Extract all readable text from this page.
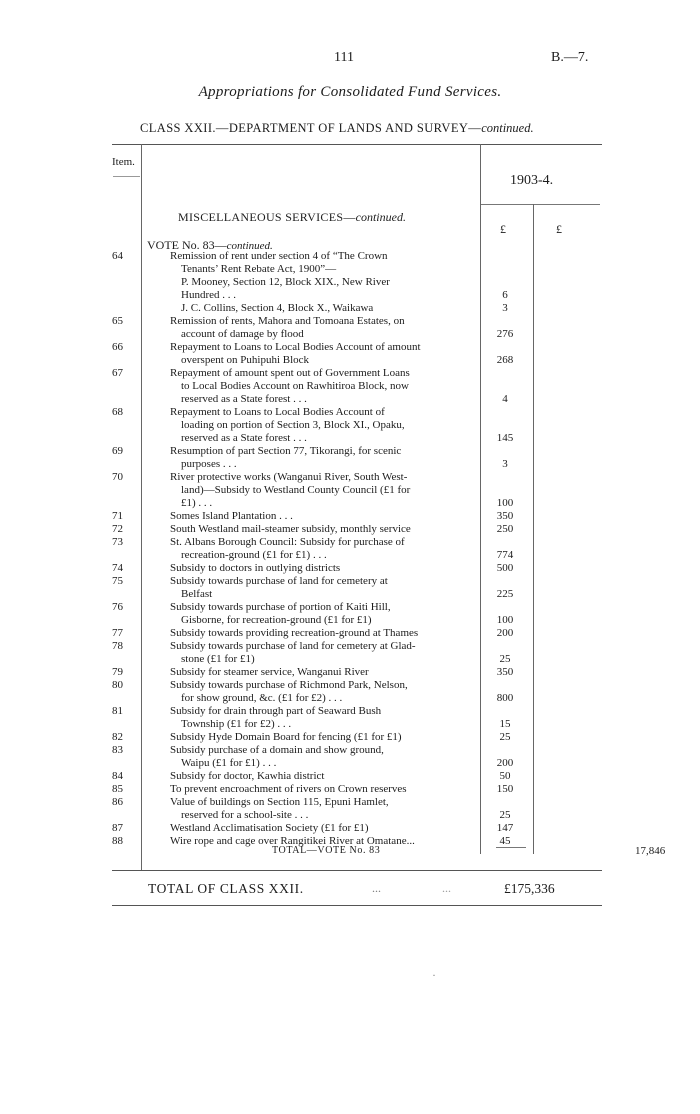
111	B.—7.
Appropriations for Consolidated Fund Services.
CLASS XXII.—DEPARTMENT OF LANDS AND SURVEY—continued.
Item.
1903-4.
MISCELLANEOUS SERVICES—continued.
£	£
VOTE No. 83—continued.
64	Remission of rent under section 4 of “The Crown
Tenants’ Rent Rebate Act, 1900”—
P. Mooney, Section 12, Block XIX., New River
Hundred . . .	6
J. C. Collins, Section 4, Block X., Waikawa	3
65	Remission of rents, Mahora and Tomoana Estates, on
account of damage by flood	276
66	Repayment to Loans to Local Bodies Account of amount
overspent on Puhipuhi Block	268
67	Repayment of amount spent out of Government Loans
to Local Bodies Account on Rawhitiroa Block, now
reserved as a State forest . . .	4
68	Repayment to Loans to Local Bodies Account of
loading on portion of Section 3, Block XI., Opaku,
reserved as a State forest . . .	145
69	Resumption of part Section 77, Tikorangi, for scenic
purposes . . .	3
70	River protective works (Wanganui River, South West-
land)—Subsidy to Westland County Council (£1 for
£1) . . .	100
71	Somes Island Plantation . . .	350
72	South Westland mail-steamer subsidy, monthly service	250
73	St. Albans Borough Council: Subsidy for purchase of
recreation-ground (£1 for £1) . . .	774
74	Subsidy to doctors in outlying districts	500
75	Subsidy towards purchase of land for cemetery at
Belfast	225
76	Subsidy towards purchase of portion of Kaiti Hill,
Gisborne, for recreation-ground (£1 for £1)	100
77	Subsidy towards providing recreation-ground at Thames	200
78	Subsidy towards purchase of land for cemetery at Glad-
stone (£1 for £1)	25
79	Subsidy for steamer service, Wanganui River	350
80	Subsidy towards purchase of Richmond Park, Nelson,
for show ground, &c. (£1 for £2) . . .	800
81	Subsidy for drain through part of Seaward Bush
Township (£1 for £2) . . .	15
82	Subsidy Hyde Domain Board for fencing (£1 for £1)	25
83	Subsidy purchase of a domain and show ground,
Waipu (£1 for £1) . . .	200
84	Subsidy for doctor, Kawhia district	50
85	To prevent encroachment of rivers on Crown reserves	150
86	Value of buildings on Section 115, Epuni Hamlet,
reserved for a school-site . . .	25
87	Westland Acclimatisation Society (£1 for £1)	147
88	Wire rope and cage over Rangitikei River at Omatane...	45
TOTAL—VOTE No. 83	17,846
TOTAL OF CLASS XXII.	...	...	£175,336
·
